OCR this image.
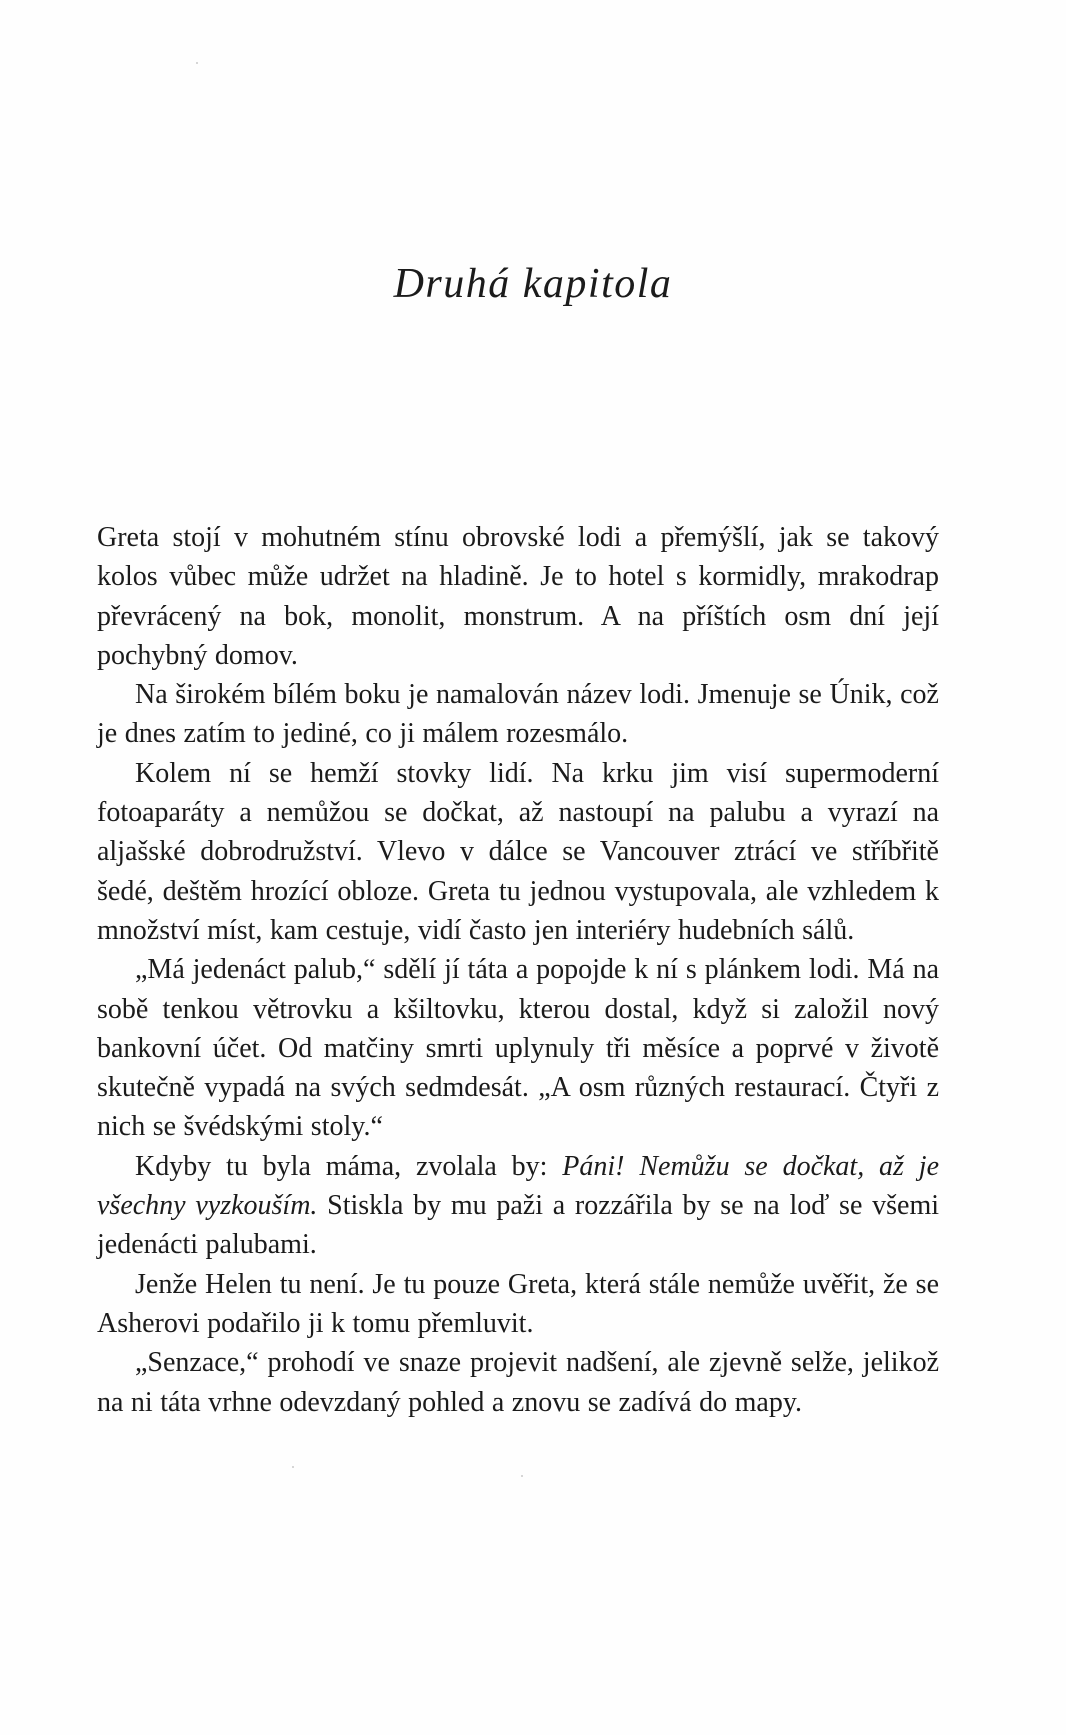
Druhá kapitola

Greta stojí v mohutném stínu obrovské lodi a přemýšlí, jak se takový kolos vůbec může udržet na hladině. Je to hotel s kormidly, mrakodrap převrácený na bok, monolit, monstrum. A na příštích osm dní její pochybný domov.

Na širokém bílém boku je namalován název lodi. Jmenuje se Únik, což je dnes zatím to jediné, co ji málem rozesmálo.

Kolem ní se hemží stovky lidí. Na krku jim visí supermoderní fotoaparáty a nemůžou se dočkat, až nastoupí na palubu a vyrazí na aljašské dobrodružství. Vlevo v dálce se Vancouver ztrácí ve stříbřitě šedé, deštěm hrozící obloze. Greta tu jednou vystupovala, ale vzhledem k množství míst, kam cestuje, vidí často jen interiéry hudebních sálů.

„Má jedenáct palub,“ sdělí jí táta a popojde k ní s plánkem lodi. Má na sobě tenkou větrovku a kšiltovku, kterou dostal, když si založil nový bankovní účet. Od matčiny smrti uplynuly tři měsíce a poprvé v životě skutečně vypadá na svých sedmdesát. „A osm různých restaurací. Čtyři z nich se švédskými stoly.“

Kdyby tu byla máma, zvolala by: Páni! Nemůžu se dočkat, až je všechny vyzkouším. Stiskla by mu paži a rozzářila by se na loď se všemi jedenácti palubami.

Jenže Helen tu není. Je tu pouze Greta, která stále nemůže uvěřit, že se Asherovi podařilo ji k tomu přemluvit.

„Senzace,“ prohodí ve snaze projevit nadšení, ale zjevně selže, jelikož na ni táta vrhne odevzdaný pohled a znovu se zadívá do mapy.
